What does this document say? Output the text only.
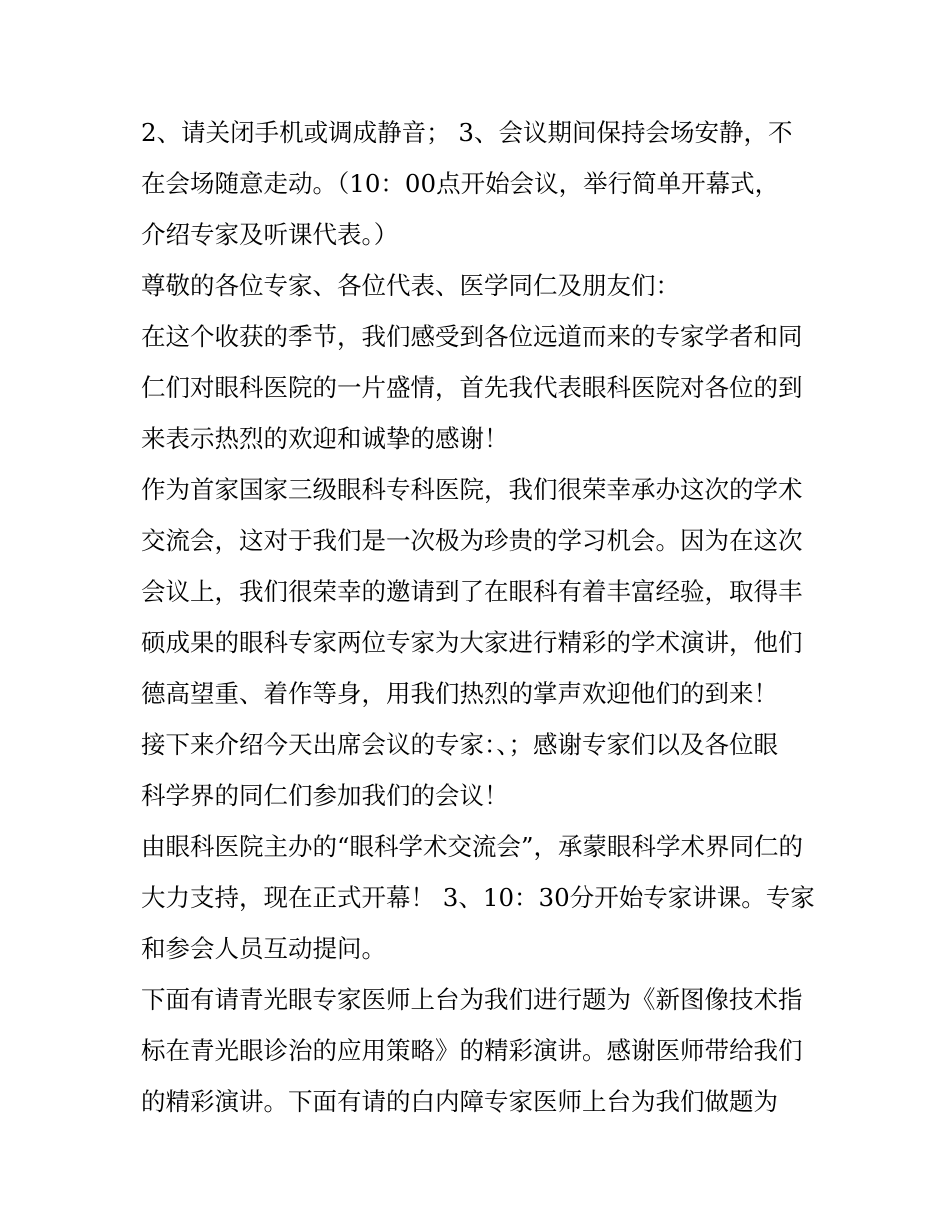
2、请关闭手机或调成静音； 3、会议期间保持会场安静，不
在会场随意走动。（10：00点开始会议，举行简单开幕式，
介绍专家及听课代表。）
尊敬的各位专家、各位代表、医学同仁及朋友们：
在这个收获的季节，我们感受到各位远道而来的专家学者和同
仁们对眼科医院的一片盛情，首先我代表眼科医院对各位的到
来表示热烈的欢迎和诚挚的感谢！
作为首家国家三级眼科专科医院，我们很荣幸承办这次的学术
交流会，这对于我们是一次极为珍贵的学习机会。因为在这次
会议上，我们很荣幸的邀请到了在眼科有着丰富经验，取得丰
硕成果的眼科专家两位专家为大家进行精彩的学术演讲，他们
德高望重、着作等身，用我们热烈的掌声欢迎他们的到来！
接下来介绍今天出席会议的专家：、；感谢专家们以及各位眼
科学界的同仁们参加我们的会议！
由眼科医院主办的“眼科学术交流会”，承蒙眼科学术界同仁的
大力支持，现在正式开幕！ 3、10：30分开始专家讲课。专家
和参会人员互动提问。
下面有请青光眼专家医师上台为我们进行题为《新图像技术指
标在青光眼诊治的应用策略》的精彩演讲。感谢医师带给我们
的精彩演讲。下面有请的白内障专家医师上台为我们做题为
